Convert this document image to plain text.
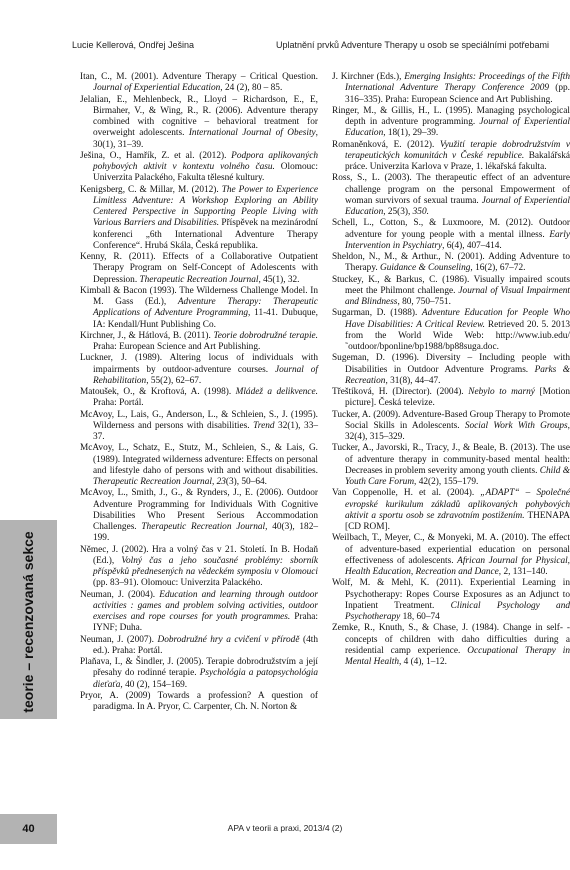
Lucie Kellerová, Ondřej Ješina	Uplatnění prvků Adventure Therapy u osob se speciálními potřebami

Itan, C., M. (2001). Adventure Therapy – Critical Question. Journal of Experiential Education, 24 (2), 80 – 85.

Jelalian, E., Mehlenbeck, R., Lloyd – Richardson, E., E, Birmaher, V., & Wing, R., R. (2006). Adventure therapy combined with cognitive – behavioral treatment for overweight adolescents. International Journal of Obesity, 30(1), 31–39.

Ješina, O., Hamřík, Z. et al. (2012). Podpora aplikovaných pohybových aktivit v kontextu volného času. Olomouc: Univerzita Palackého, Fakulta tělesné kultury.

Kenigsberg, C. & Millar, M. (2012). The Power to Experience Limitless Adventure: A Workshop Exploring an Ability Centered Perspective in Supporting People Living with Various Barriers and Disabilities. Příspěvek na mezinárodní konferenci „6th International Adventure Therapy Conference“. Hrubá Skála, Česká republika.

Kenny, R. (2011). Effects of a Collaborative Outpatient Therapy Program on Self-Concept of Adolescents with Depression. Therapeutic Recreation Journal, 45(1), 32.

Kimball & Bacon (1993). The Wilderness Challenge Model. In M. Gass (Ed.), Adventure Therapy: Therapeutic Applications of Adventure Programming, 11-41. Dubuque, IA: Kendall/Hunt Publishing Co.

Kirchner, J., & Hátlová, B. (2011). Teorie dobrodružné terapie. Praha: European Science and Art Publishing.

Luckner, J. (1989). Altering locus of individuals with impairments by outdoor-adventure courses. Journal of Rehabilitation, 55(2), 62–67.

Matoušek, O., & Kroftová, A. (1998). Mládež a delikvence. Praha: Portál.

McAvoy, L., Lais, G., Anderson, L., & Schleien, S., J. (1995). Wilderness and persons with disabilities. Trend 32(1), 33–37.

McAvoy, L., Schatz, E., Stutz, M., Schleien, S., & Lais, G. (1989). Integrated wilderness adventure: Effects on personal and lifestyle daho of persons with and without disabilities. Therapeutic Recreation Journal, 23(3), 50–64.

McAvoy, L., Smith, J., G., & Rynders, J., E. (2006). Outdoor Adventure Programming for Individuals With Cognitive Disabilities Who Present Serious Accommodation Challenges. Therapeutic Recreation Journal, 40(3), 182–199.

Němec, J. (2002). Hra a volný čas v 21. Století. In B. Hodaň (Ed.), Volný čas a jeho současné problémy: sborník příspěvků přednesených na vědeckém symposiu v Olomouci (pp. 83–91). Olomouc: Univerzita Palackého.

Neuman, J. (2004). Education and learning through outdoor activities : games and problem solving activities, outdoor exercises and rope courses for youth programmes. Praha: IYNF; Duha.

Neuman, J. (2007). Dobrodružné hry a cvičení v přírodě (4th ed.). Praha: Portál.

Plaňava, I., & Šindler, J. (2005). Terapie dobrodružstvím a její přesahy do rodinné terapie. Psychológia a patopsychológia dieťaťa, 40 (2), 154–169.

Pryor, A. (2009) Towards a profession? A question of paradigma. In A. Pryor, C. Carpenter, Ch. N. Norton &

J. Kirchner (Eds.), Emerging Insights: Proceedings of the Fifth International Adventure Therapy Conference 2009 (pp. 316–335). Praha: European Science and Art Publishing.

Ringer, M., & Gillis, H., L. (1995). Managing psychological depth in adventure programming. Journal of Experiential Education, 18(1), 29–39.

Romaněnková, E. (2012). Využití terapie dobrodružstvím v terapeutických komunitách v České republice. Bakalářská práce. Univerzita Karlova v Praze, 1. lékařská fakulta.

Ross, S., L. (2003). The therapeutic effect of an adventure challenge program on the personal Empowerment of woman survivors of sexual trauma. Journal of Experiential Education, 25(3), 350.

Schell, L., Cotton, S., & Luxmoore, M. (2012). Outdoor adventure for young people with a mental illness. Early Intervention in Psychiatry, 6(4), 407–414.

Sheldon, N., M., & Arthur., N. (2001). Adding Adventure to Therapy. Guidance & Counseling, 16(2), 67–72.

Stuckey, K., & Barkus, C. (1986). Visually impaired scouts meet the Philmont challenge. Journal of Visual Impairment and Blindness, 80, 750–751.

Sugarman, D. (1988). Adventure Education for People Who Have Disabilities: A Critical Review. Retrieved 20. 5. 2013 from the World Wide Web: http://www.iub.edu/˜outdoor/bponline/bp1988/bp88suga.doc.

Sugeman, D. (1996). Diversity – Including people with Disabilities in Outdoor Adventure Programs. Parks & Recreation, 31(8), 44–47.

Třeštíková, H. (Director). (2004). Nebylo to marný [Motion picture]. Česká televize.

Tucker, A. (2009). Adventure-Based Group Therapy to Promote Social Skills in Adolescents. Social Work With Groups, 32(4), 315–329.

Tucker, A., Javorski, R., Tracy, J., & Beale, B. (2013). The use of adventure therapy in community-based mental health: Decreases in problem severity among youth clients. Child & Youth Care Forum, 42(2), 155–179.

Van Coppenolle, H. et al. (2004). „ADAPT“ – Společné evropské kurikulum základů aplikovaných pohybových aktivit a sportu osob se zdravotním postižením. THENAPA [CD ROM].

Weilbach, T., Meyer, C., & Monyeki, M. A. (2010). The effect of adventure-based experiential education on personal effectiveness of adolescents. African Journal for Physical, Health Education, Recreation and Dance, 2, 131–140.

Wolf, M. & Mehl, K. (2011). Experiential Learning in Psychotherapy: Ropes Course Exposures as an Adjunct to Inpatient Treatment. Clinical Psychology and Psychotherapy 18, 60–74

Zemke, R., Knuth, S., & Chase, J. (1984). Change in self- -concepts of children with daho difficulties during a residential camp experience. Occupational Therapy in Mental Health, 4 (4), 1–12.

teorie – recenzovaná sekce
40	APA v teorii a praxi, 2013/4 (2)
